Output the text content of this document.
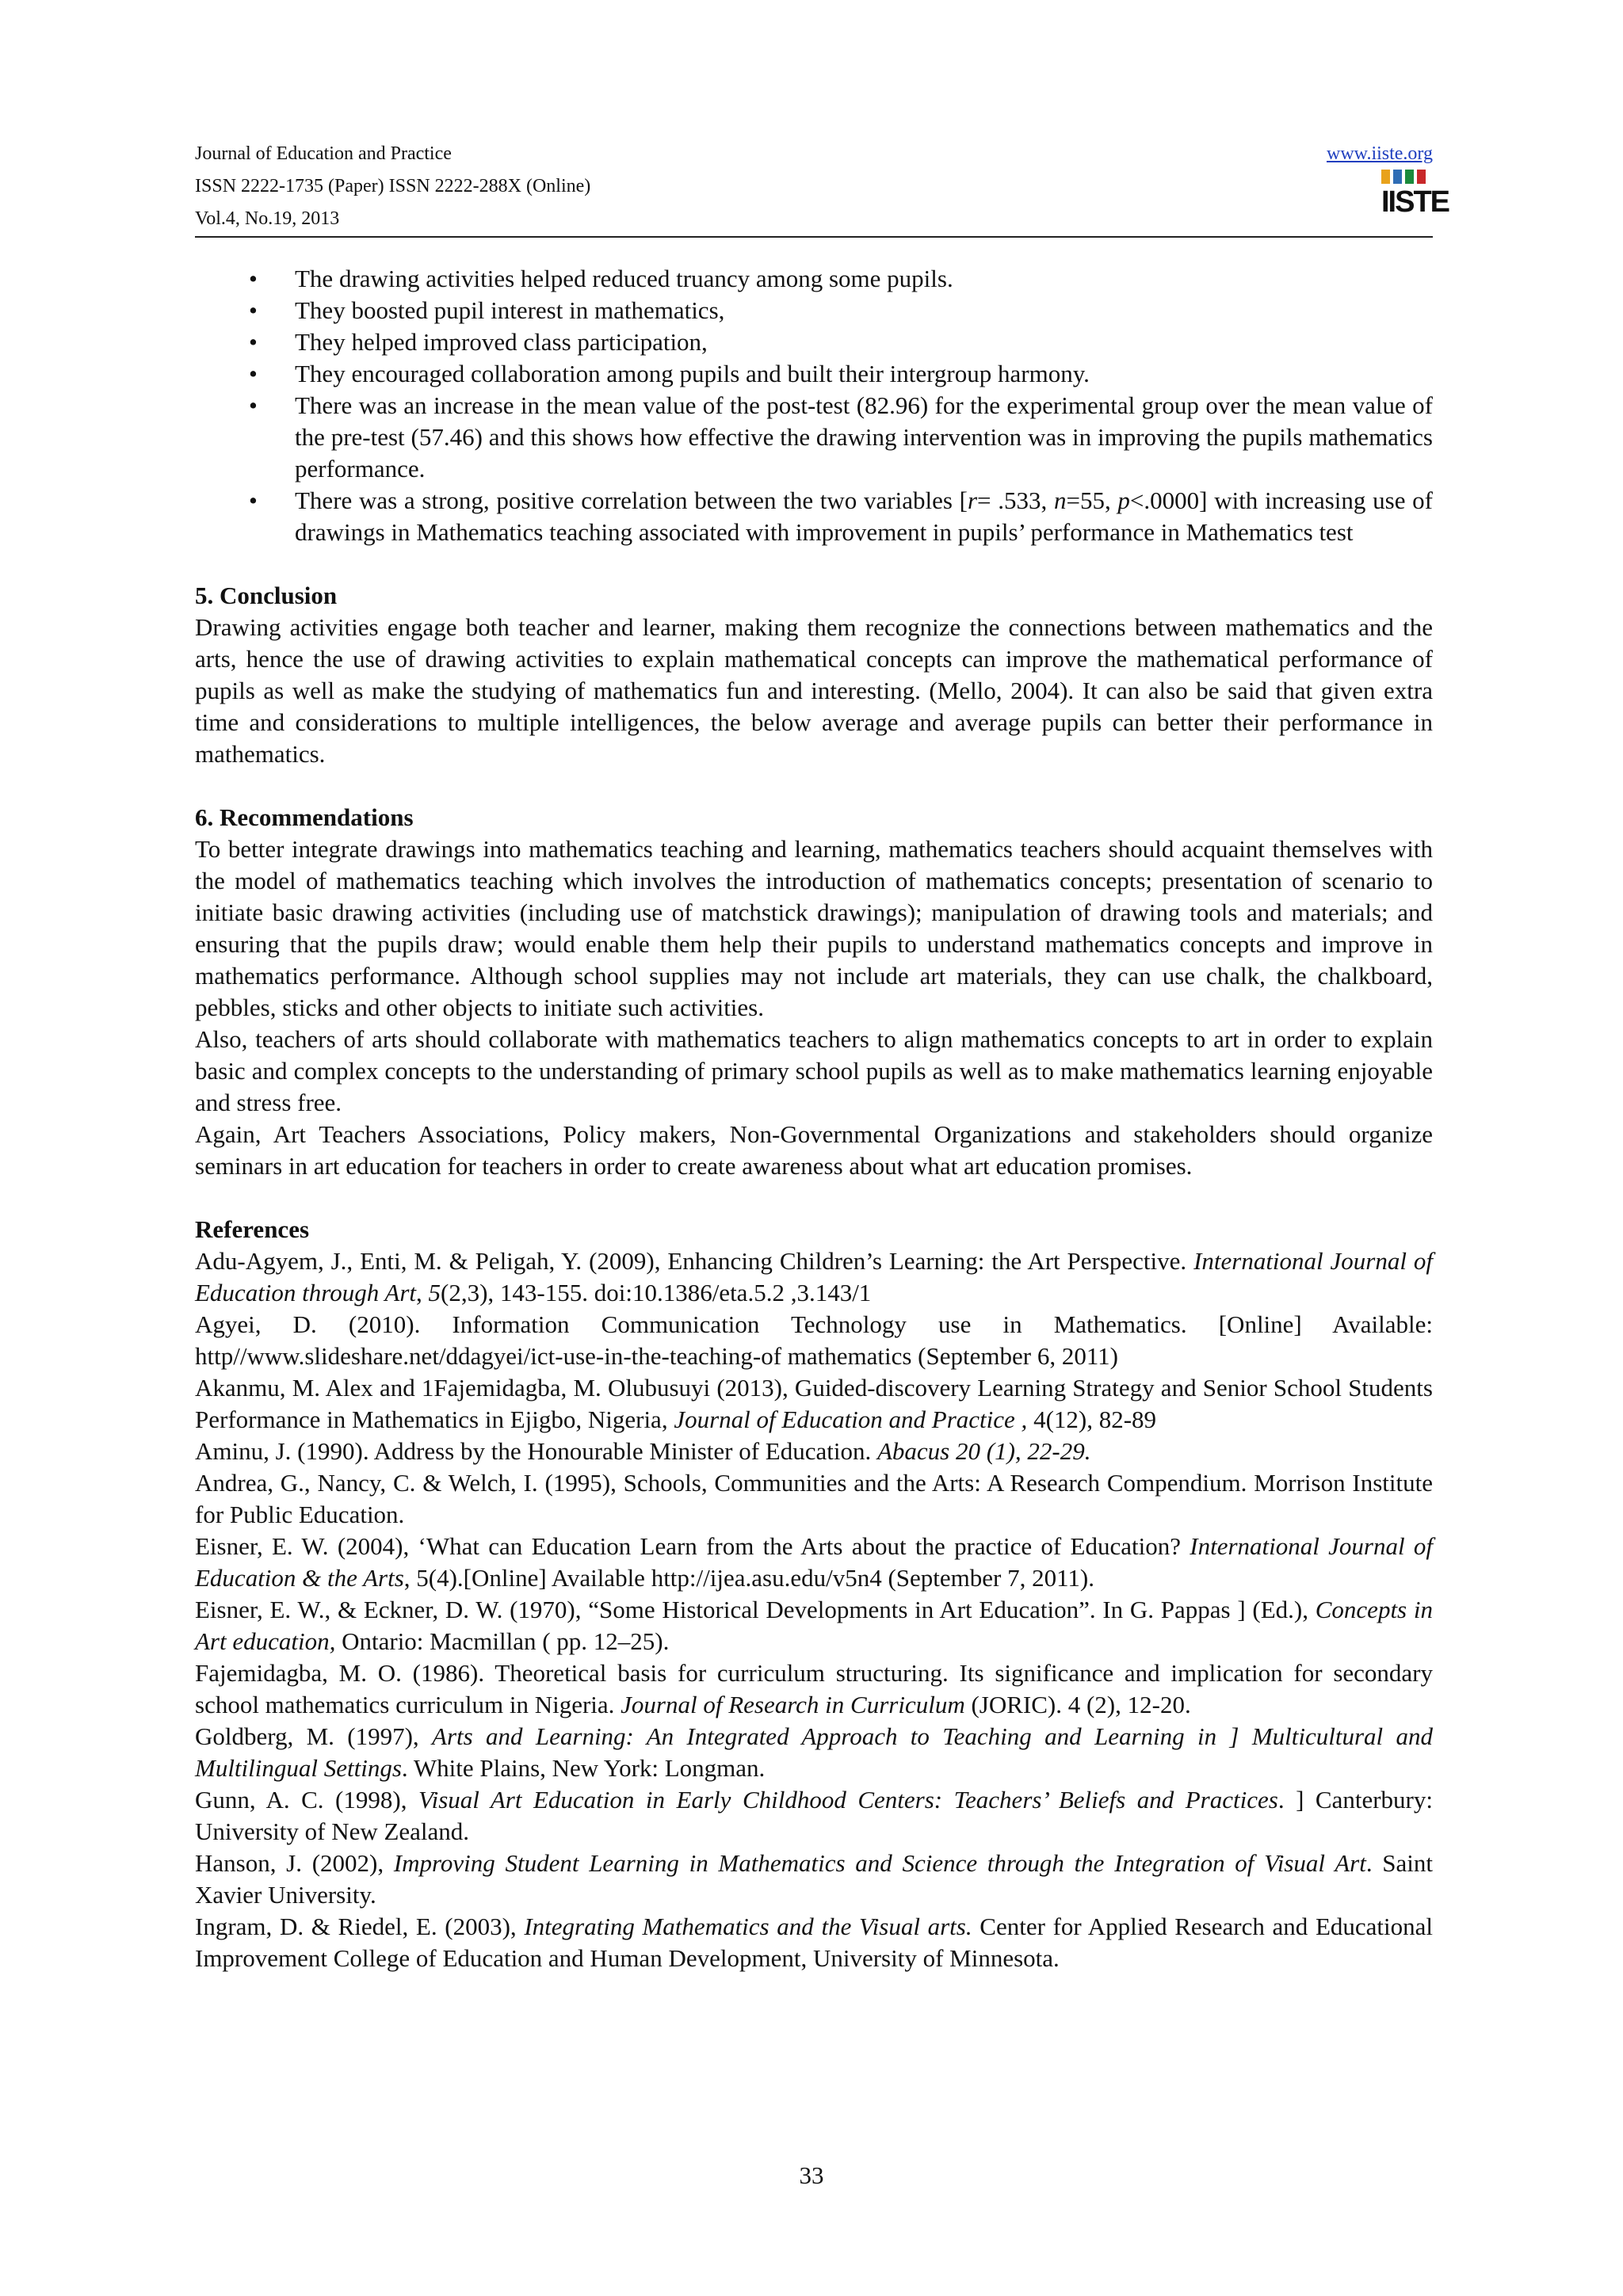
Journal of Education and Practice
ISSN 2222-1735 (Paper) ISSN 2222-288X (Online)
Vol.4, No.19, 2013
www.iiste.org
IISTE
• The drawing activities helped reduced truancy among some pupils.
• They boosted pupil interest in mathematics,
• They helped improved class participation,
• They encouraged collaboration among pupils and built their intergroup harmony.
• There was an increase in the mean value of the post-test (82.96) for the experimental group over the mean value of the pre-test (57.46) and this shows how effective the drawing intervention was in improving the pupils mathematics performance.
• There was a strong, positive correlation between the two variables [r= .533, n=55, p<.0000] with increasing use of drawings in Mathematics teaching associated with improvement in pupils’ performance in Mathematics test
5. Conclusion

Drawing activities engage both teacher and learner, making them recognize the connections between mathematics and the arts, hence the use of drawing activities to explain mathematical concepts can improve the mathematical performance of pupils as well as make the studying of mathematics fun and interesting. (Mello, 2004). It can also be said that given extra time and considerations to multiple intelligences, the below average and average pupils can better their performance in mathematics.

6. Recommendations

To better integrate drawings into mathematics teaching and learning, mathematics teachers should acquaint themselves with the model of mathematics teaching which involves the introduction of mathematics concepts; presentation of scenario to initiate basic drawing activities (including use of matchstick drawings); manipulation of drawing tools and materials; and ensuring that the pupils draw; would enable them help their pupils to understand mathematics concepts and improve in mathematics performance. Although school supplies may not include art materials, they can use chalk, the chalkboard, pebbles, sticks and other objects to initiate such activities.

Also, teachers of arts should collaborate with mathematics teachers to align mathematics concepts to art in order to explain basic and complex concepts to the understanding of primary school pupils as well as to make mathematics learning enjoyable and stress free.

Again, Art Teachers Associations, Policy makers, Non-Governmental Organizations and stakeholders should organize seminars in art education for teachers in order to create awareness about what art education promises.

References

Adu-Agyem, J., Enti, M. & Peligah, Y. (2009), Enhancing Children’s Learning: the Art Perspective. International Journal of Education through Art, 5(2,3), 143-155. doi:10.1386/eta.5.2 ,3.143/1

Agyei, D. (2010). Information Communication Technology use in Mathematics. [Online] Available: http//www.slideshare.net/ddagyei/ict-use-in-the-teaching-of mathematics (September 6, 2011)

Akanmu, M. Alex and 1Fajemidagba, M. Olubusuyi (2013), Guided-discovery Learning Strategy and Senior School Students Performance in Mathematics in Ejigbo, Nigeria, Journal of Education and Practice , 4(12), 82-89

Aminu, J. (1990). Address by the Honourable Minister of Education. Abacus 20 (1), 22-29.

Andrea, G., Nancy, C. & Welch, I. (1995), Schools, Communities and the Arts: A Research Compendium. Morrison Institute for Public Education.

Eisner, E. W. (2004), ‘What can Education Learn from the Arts about the practice of Education? International Journal of Education & the Arts, 5(4).[Online] Available http://ijea.asu.edu/v5n4 (September 7, 2011).

Eisner, E. W., & Eckner, D. W. (1970), “Some Historical Developments in Art Education”. In G. Pappas ] (Ed.), Concepts in Art education, Ontario: Macmillan ( pp. 12–25).

Fajemidagba, M. O. (1986). Theoretical basis for curriculum structuring. Its significance and implication for secondary school mathematics curriculum in Nigeria. Journal of Research in Curriculum (JORIC). 4 (2), 12-20.

Goldberg, M. (1997), Arts and Learning: An Integrated Approach to Teaching and Learning in ] Multicultural and Multilingual Settings. White Plains, New York: Longman.

Gunn, A. C. (1998), Visual Art Education in Early Childhood Centers: Teachers’ Beliefs and Practices. ] Canterbury: University of New Zealand.

Hanson, J. (2002), Improving Student Learning in Mathematics and Science through the Integration of Visual Art. Saint Xavier University.

Ingram, D. & Riedel, E. (2003), Integrating Mathematics and the Visual arts. Center for Applied Research and Educational Improvement College of Education and Human Development, University of Minnesota.

33
